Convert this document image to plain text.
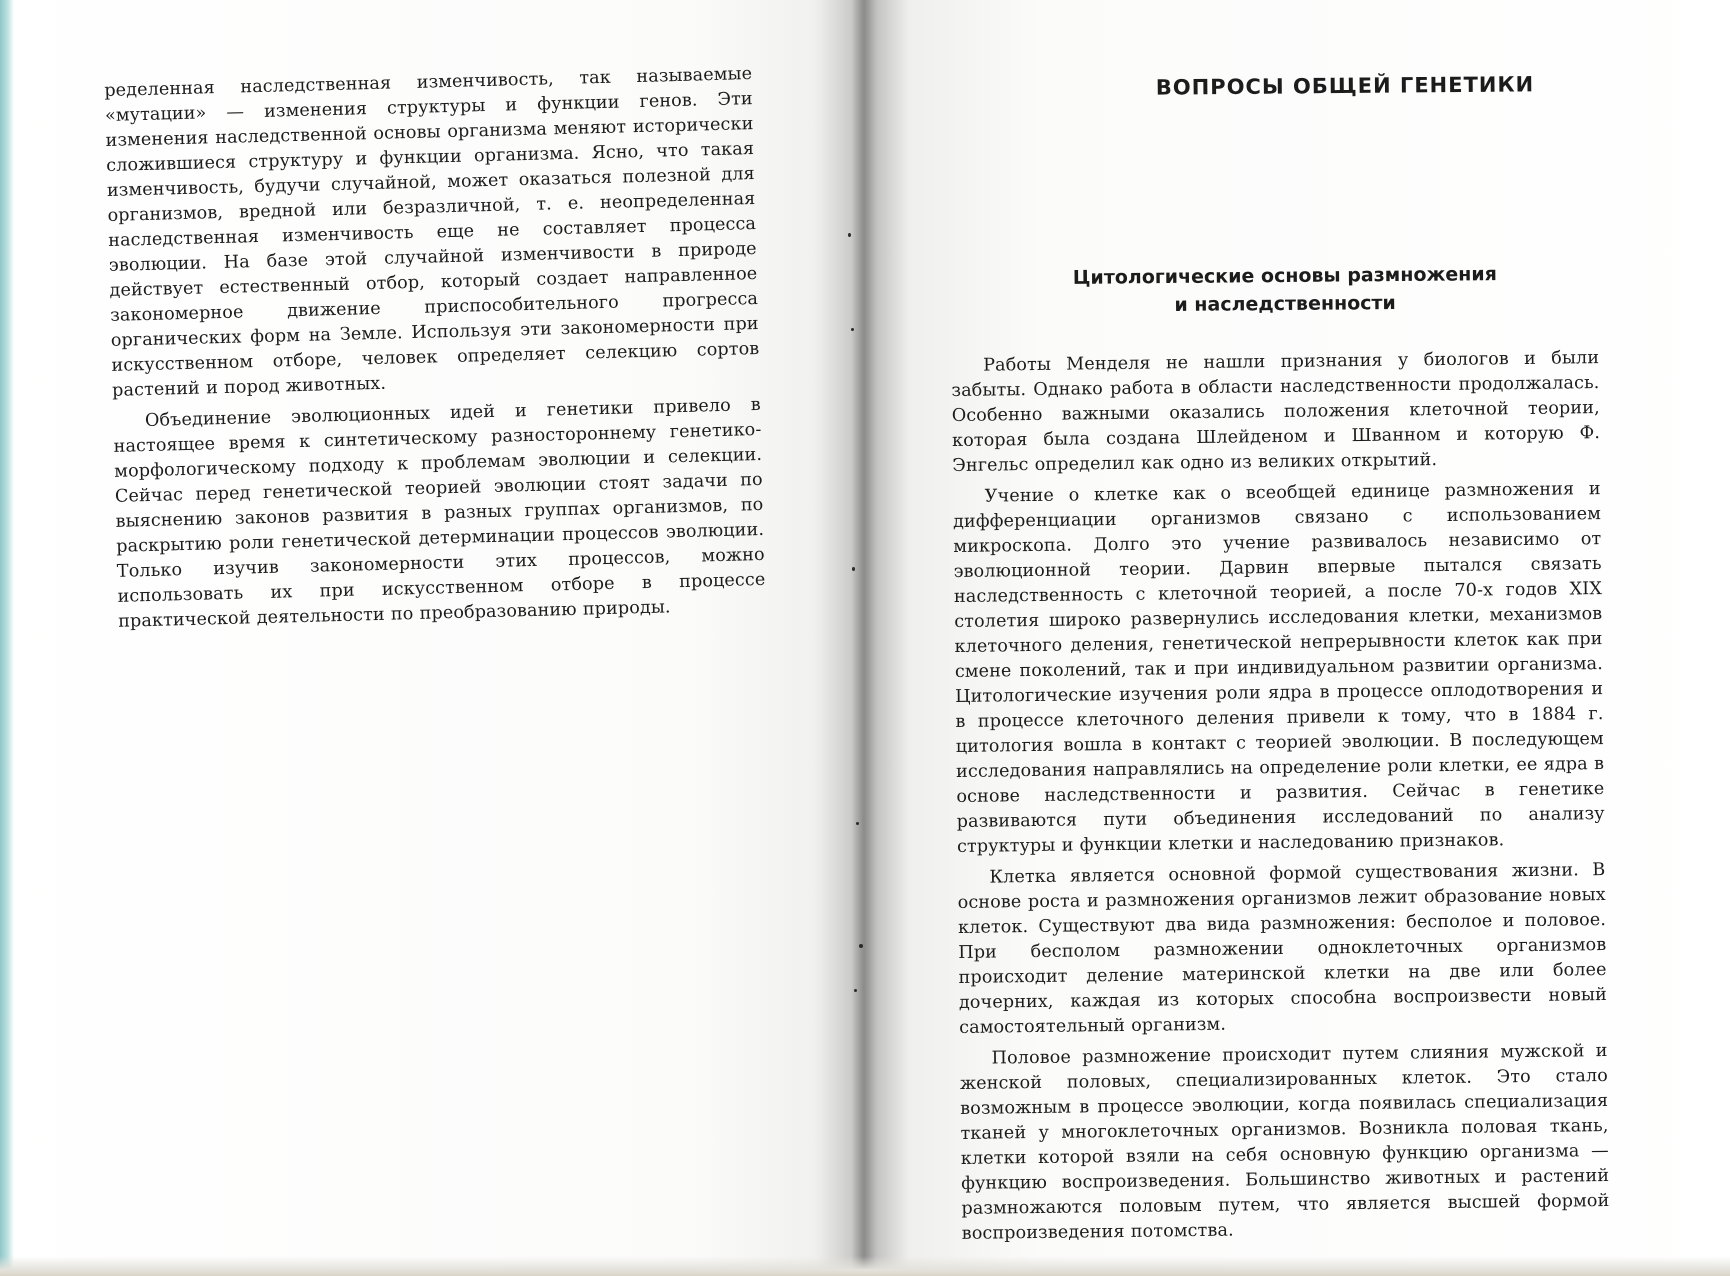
ределенная наследственная изменчивость, так называемые «мутации» — изменения структуры и функции генов. Эти изменения наследственной основы организма меняют исторически сложившиеся структуру и функции организма. Ясно, что такая изменчивость, будучи случайной, может оказаться полезной для организмов, вредной или безразличной, т. е. неопределенная наследственная изменчивость еще не составляет процесса эволюции. На базе этой случайной изменчивости в природе действует естественный отбор, который создает направленное закономерное движение приспособительного прогресса органических форм на Земле. Используя эти закономерности при искусственном отборе, человек определяет селекцию сортов растений и пород животных.

Объединение эволюционных идей и генетики привело в настоящее время к синтетическому разностороннему генетико-морфологическому подходу к проблемам эволюции и селекции. Сейчас перед генетической теорией эволюции стоят задачи по выяснению законов развития в разных группах организмов, по раскрытию роли генетической детерминации процессов эволюции. Только изучив закономерности этих процессов, можно использовать их при искусственном отборе в процессе практической деятельности по преобразованию природы.

ВОПРОСЫ ОБЩЕЙ ГЕНЕТИКИ
Цитологические основы размножения
и наследственности

Работы Менделя не нашли признания у биологов и были забыты. Однако работа в области наследственности продолжалась. Особенно важными оказались положения клеточной теории, которая была создана Шлейденом и Шванном и которую Ф. Энгельс определил как одно из великих открытий.

Учение о клетке как о всеобщей единице размножения и дифференциации организмов связано с использованием микроскопа. Долго это учение развивалось независимо от эволюционной теории. Дарвин впервые пытался связать наследственность с клеточной теорией, а после 70-х годов XIX столетия широко развернулись исследования клетки, механизмов клеточного деления, генетической непрерывности клеток как при смене поколений, так и при индивидуальном развитии организма. Цитологические изучения роли ядра в процессе оплодотворения и в процессе клеточного деления привели к тому, что в 1884 г. цитология вошла в контакт с теорией эволюции. В последующем исследования направлялись на определение роли клетки, ее ядра в основе наследственности и развития. Сейчас в генетике развиваются пути объединения исследований по анализу структуры и функции клетки и наследованию признаков.

Клетка является основной формой существования жизни. В основе роста и размножения организмов лежит образование новых клеток. Существуют два вида размножения: бесполое и половое. При бесполом размножении одноклеточных организмов происходит деление материнской клетки на две или более дочерних, каждая из которых способна воспроизвести новый самостоятельный организм.

Половое размножение происходит путем слияния мужской и женской половых, специализированных клеток. Это стало возможным в процессе эволюции, когда появилась специализация тканей у многоклеточных организмов. Возникла половая ткань, клетки которой взяли на себя основную функцию организма — функцию воспроизведения. Большинство животных и растений размножаются половым путем, что является высшей формой воспроизведения потомства.
